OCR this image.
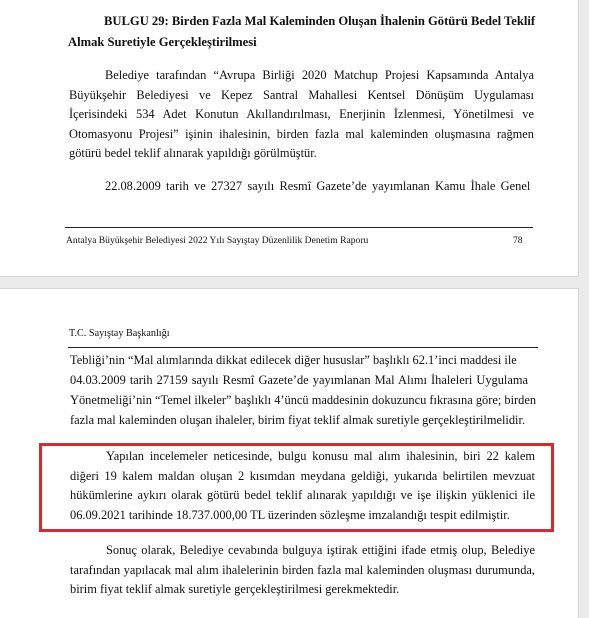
BULGU 29: Birden Fazla Mal Kaleminden Oluşan İhalenin Götürü Bedel Teklif Almak Suretiyle Gerçekleştirilmesi
Belediye tarafından “Avrupa Birliği 2020 Matchup Projesi Kapsamında Antalya Büyükşehir Belediyesi ve Kepez Santral Mahallesi Kentsel Dönüşüm Uygulaması İçerisindeki 534 Adet Konutun Akıllandırılması, Enerjinin İzlenmesi, Yönetilmesi ve Otomasyonu Projesi” işinin ihalesinin, birden fazla mal kaleminden oluşmasına rağmen götürü bedel teklif alınarak yapıldığı görülmüştür.
22.08.2009 tarih ve 27327 sayılı Resmî Gazete’de yayımlanan Kamu İhale Genel
Antalya Büyükşehir Belediyesi 2022 Yılı Sayıştay Düzenlilik Denetim Raporu	78
T.C. Sayıştay Başkanlığı
Tebliği’nin “Mal alımlarında dikkat edilecek diğer hususlar” başlıklı 62.1’inci maddesi ile
04.03.2009 tarih 27159 sayılı Resmî Gazete’de yayımlanan Mal Alımı İhaleleri Uygulama
Yönetmeliği’nin “Temel ilkeler” başlıklı 4’üncü maddesinin dokuzuncu fıkrasına göre; birden
fazla mal kaleminden oluşan ihaleler, birim fiyat teklif almak suretiyle gerçekleştirilmelidir.
Yapılan incelemeler neticesinde, bulgu konusu mal alım ihalesinin, biri 22 kalem diğeri 19 kalem maldan oluşan 2 kısımdan meydana geldiği, yukarıda belirtilen mevzuat hükümlerine aykırı olarak götürü bedel teklif alınarak yapıldığı ve işe ilişkin yüklenici ile 06.09.2021 tarihinde 18.737.000,00 TL üzerinden sözleşme imzalandığı tespit edilmiştir.
Sonuç olarak, Belediye cevabında bulguya iştirak ettiğini ifade etmiş olup, Belediye tarafından yapılacak mal alım ihalelerinin birden fazla mal kaleminden oluşması durumunda, birim fiyat teklif almak suretiyle gerçekleştirilmesi gerekmektedir.
